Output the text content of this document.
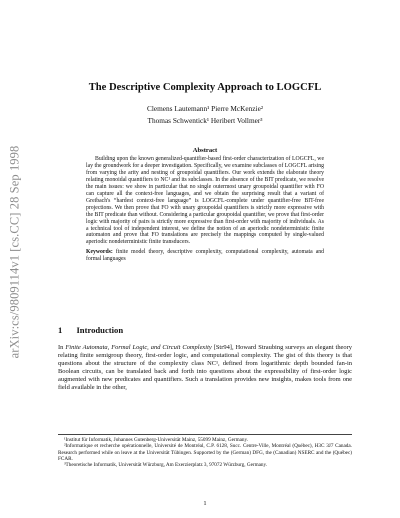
arXiv:cs/9809114v1 [cs.CC] 28 Sep 1998
The Descriptive Complexity Approach to LOGCFL
Clemens Lautemann¹ Pierre McKenzie²
Thomas Schwentick¹ Heribert Vollmer³
Abstract

Building upon the known generalized-quantifier-based first-order characterization of LOGCFL, we lay the groundwork for a deeper investigation. Specifically, we examine subclasses of LOGCFL arising from varying the arity and nesting of groupoidal quantifiers. Our work extends the elaborate theory relating monoidal quantifiers to NC¹ and its subclasses. In the absence of the BIT predicate, we resolve the main issues: we show in particular that no single outermost unary groupoidal quantifier with FO can capture all the context-free languages, and we obtain the surprising result that a variant of Greibach's “hardest context-free language” is LOGCFL-complete under quantifier-free BIT-free projections. We then prove that FO with unary groupoidal quantifiers is strictly more expressive with the BIT predicate than without. Considering a particular groupoidal quantifier, we prove that first-order logic with majority of pairs is strictly more expressive than first-order with majority of individuals. As a technical tool of independent interest, we define the notion of an aperiodic nondeterministic finite automaton and prove that FO translations are precisely the mappings computed by single-valued aperiodic nondeterministic finite transducers.

Keywords: finite model theory, descriptive complexity, computational complexity, automata and formal languages

1 Introduction

In Finite Automata, Formal Logic, and Circuit Complexity [Str94], Howard Straubing surveys an elegant theory relating finite semigroup theory, first-order logic, and computational complexity. The gist of this theory is that questions about the structure of the complexity class NC¹, defined from logarithmic depth bounded fan-in Boolean circuits, can be translated back and forth into questions about the expressibility of first-order logic augmented with new predicates and quantifiers. Such a translation provides new insights, makes tools from one field available in the other,

¹Institut für Informatik, Johannes Gutenberg-Universität Mainz, 55099 Mainz, Germany.

²Informatique et recherche opérationnelle, Université de Montréal, C.P. 6128, Succ. Centre-Ville, Montréal (Québec), H3C 3J7 Canada. Research performed while on leave at the Universität Tübingen. Supported by the (German) DFG, the (Canadian) NSERC and the (Québec) FCAR.

³Theoretische Informatik, Universität Würzburg, Am Exerzierplatz 3, 97072 Würzburg, Germany.

1
